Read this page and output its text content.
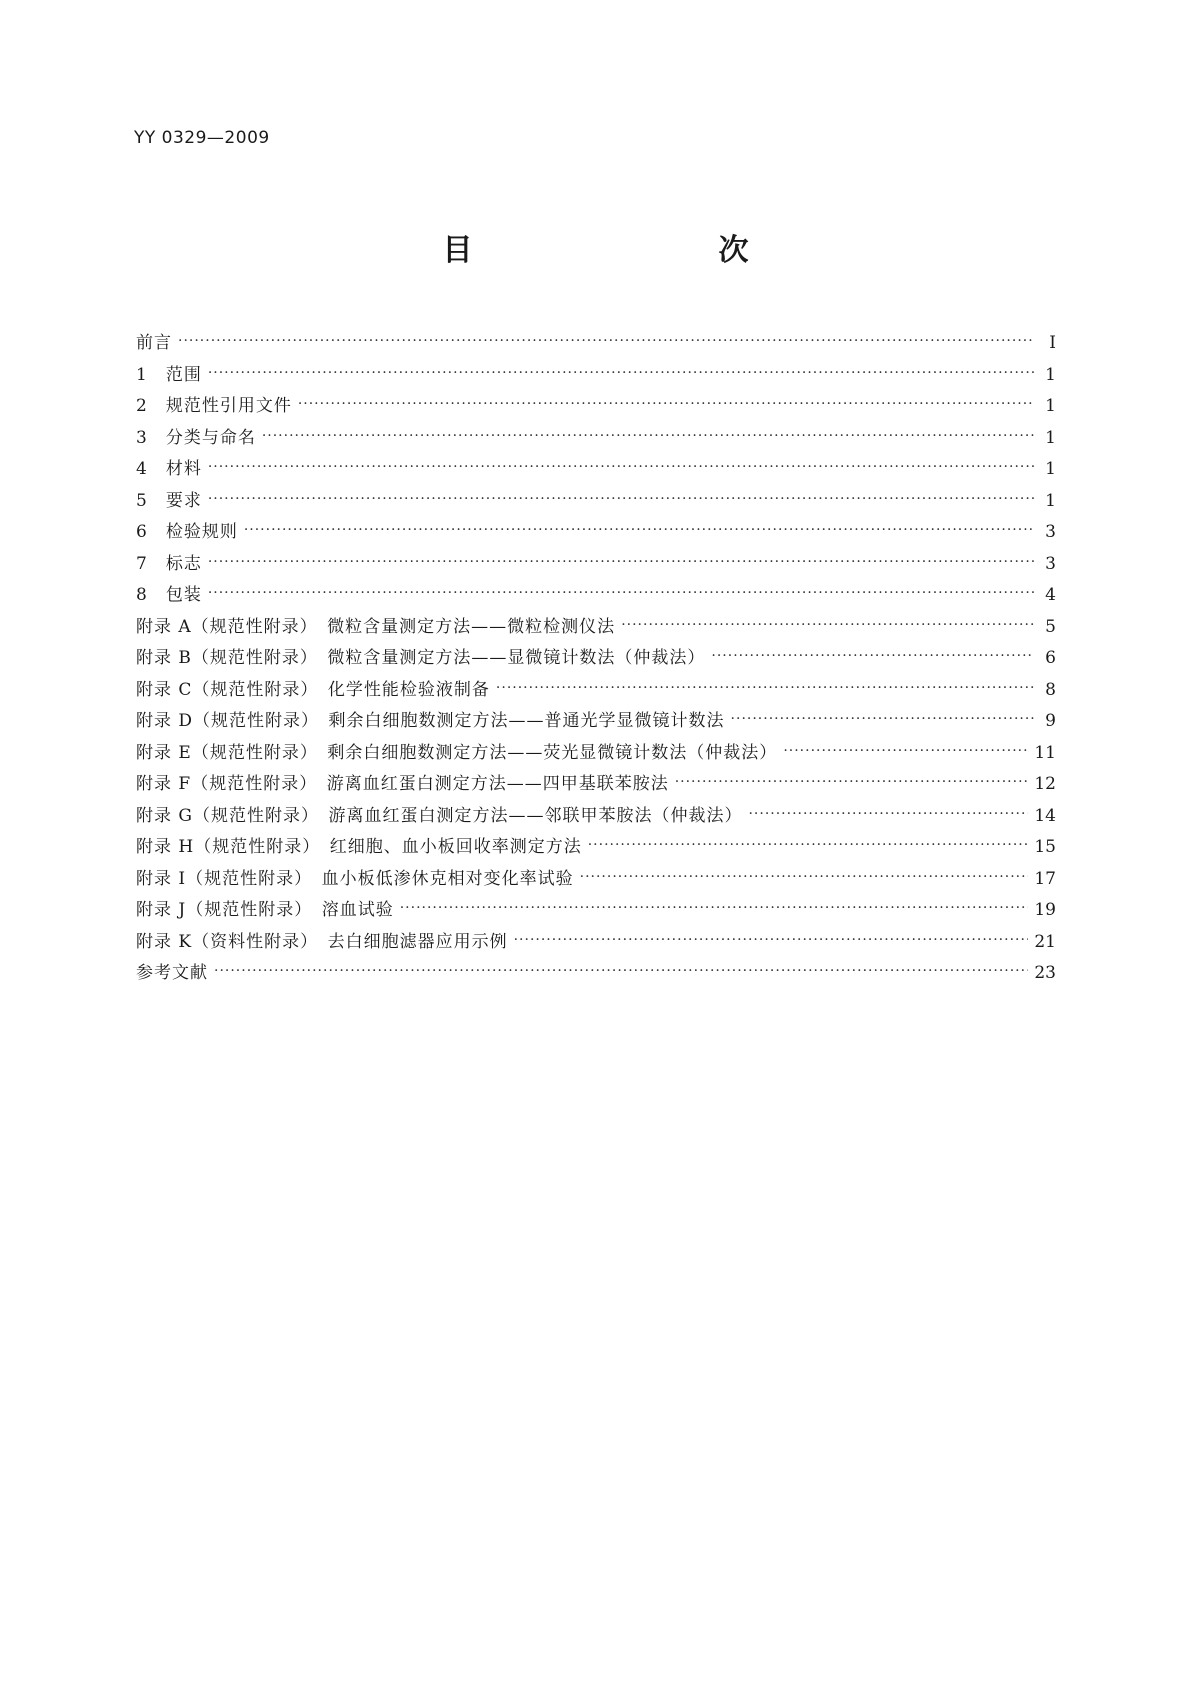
YY 0329—2009
目　　次
前言 ·····	Ⅰ
1　范围 ·····	1
2　规范性引用文件 ·····	1
3　分类与命名 ·····	1
4　材料 ·····	1
5　要求 ·····	1
6　检验规则 ·····	3
7　标志 ·····	3
8　包装 ·····	4
附录 A（规范性附录）　微粒含量测定方法——微粒检测仪法 ·····	5
附录 B（规范性附录）　微粒含量测定方法——显微镜计数法（仲裁法） ·····	6
附录 C（规范性附录）　化学性能检验液制备 ·····	8
附录 D（规范性附录）　剩余白细胞数测定方法——普通光学显微镜计数法 ·····	9
附录 E（规范性附录）　剩余白细胞数测定方法——荧光显微镜计数法（仲裁法） ·····	11
附录 F（规范性附录）　游离血红蛋白测定方法——四甲基联苯胺法 ·····	12
附录 G（规范性附录）　游离血红蛋白测定方法——邻联甲苯胺法（仲裁法） ·····	14
附录 H（规范性附录）　红细胞、血小板回收率测定方法 ·····	15
附录 I（规范性附录）　血小板低渗休克相对变化率试验 ·····	17
附录 J（规范性附录）　溶血试验 ·····	19
附录 K（资料性附录）　去白细胞滤器应用示例 ·····	21
参考文献 ·····	23
